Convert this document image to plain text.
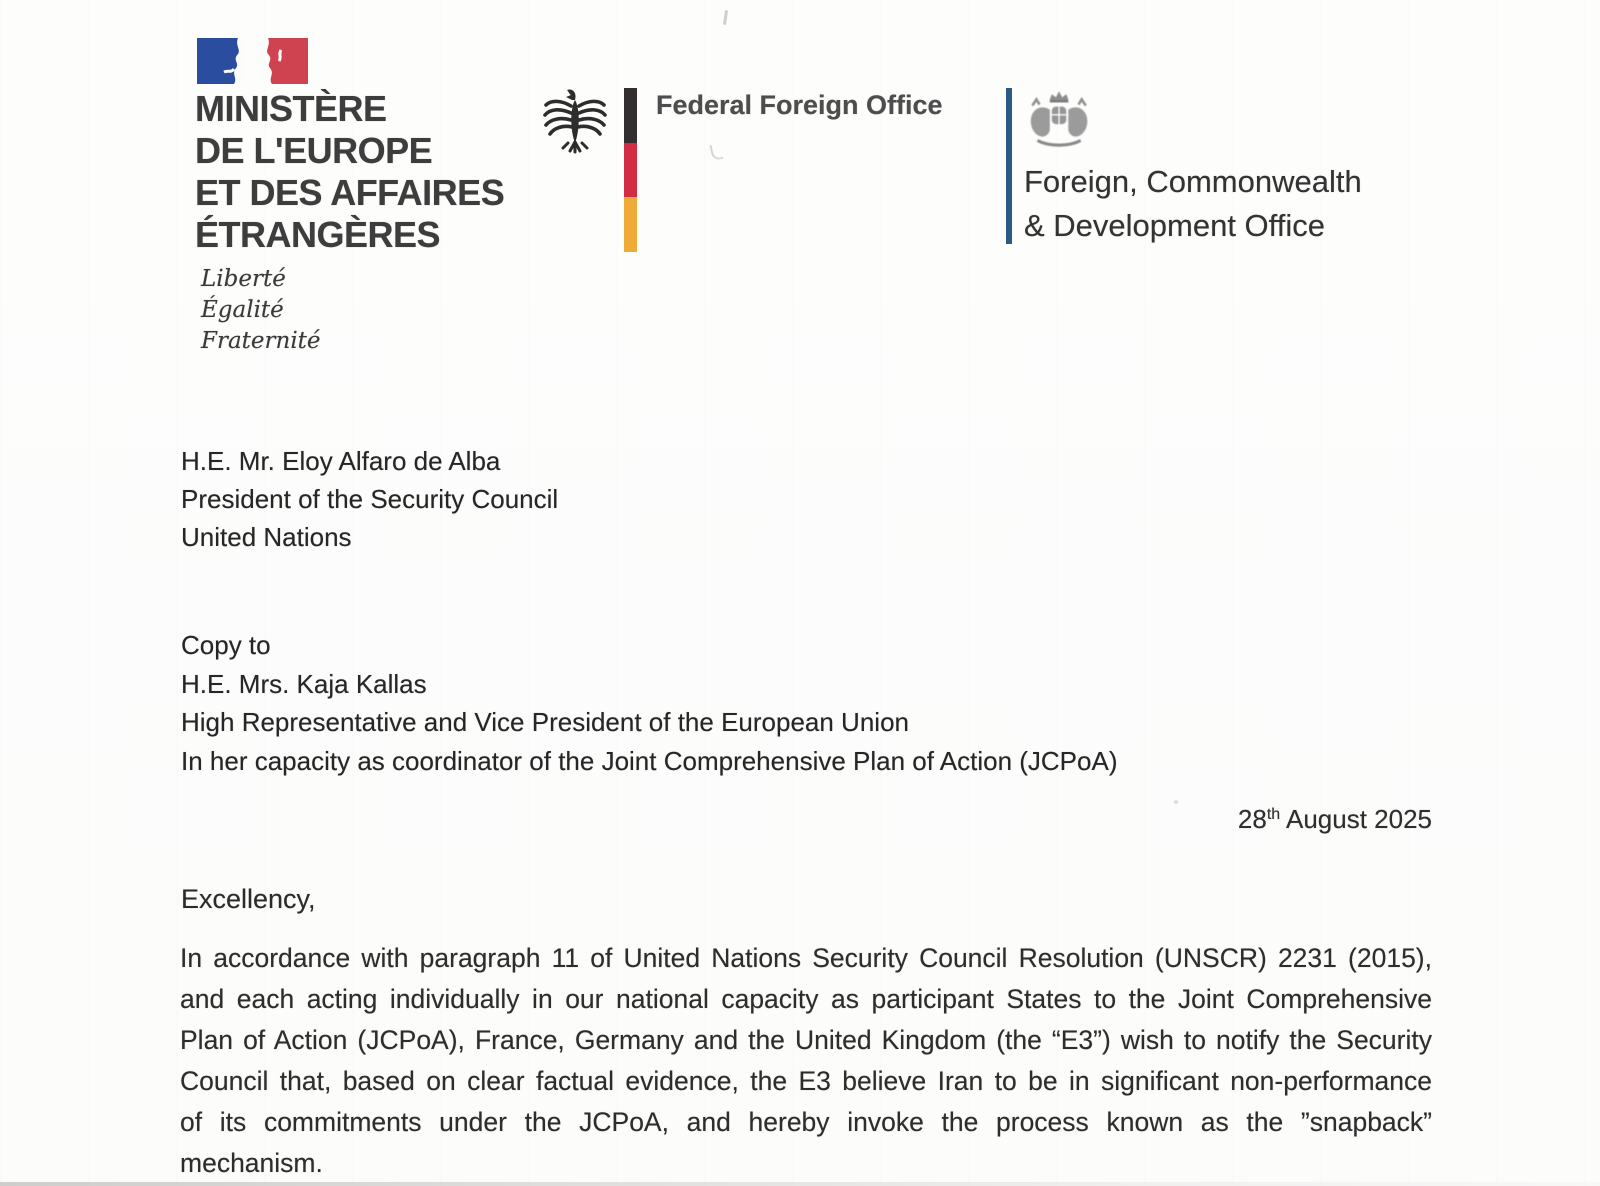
MINISTÈRE
DE L'EUROPE
ET DES AFFAIRES
ÉTRANGÈRES
Liberté
Égalité
Fraternité
Federal Foreign Office
Foreign, Commonwealth
& Development Office
H.E. Mr. Eloy Alfaro de Alba
President of the Security Council
United Nations
Copy to
H.E. Mrs. Kaja Kallas
High Representative and Vice President of the European Union
In her capacity as coordinator of the Joint Comprehensive Plan of Action (JCPoA)
28th August 2025
Excellency,
In accordance with paragraph 11 of United Nations Security Council Resolution (UNSCR) 2231 (2015),
and each acting individually in our national capacity as participant States to the Joint Comprehensive
Plan of Action (JCPoA), France, Germany and the United Kingdom (the “E3”) wish to notify the Security
Council that, based on clear factual evidence, the E3 believe Iran to be in significant non-performance
of its commitments under the JCPoA, and hereby invoke the process known as the ”snapback”
mechanism.
